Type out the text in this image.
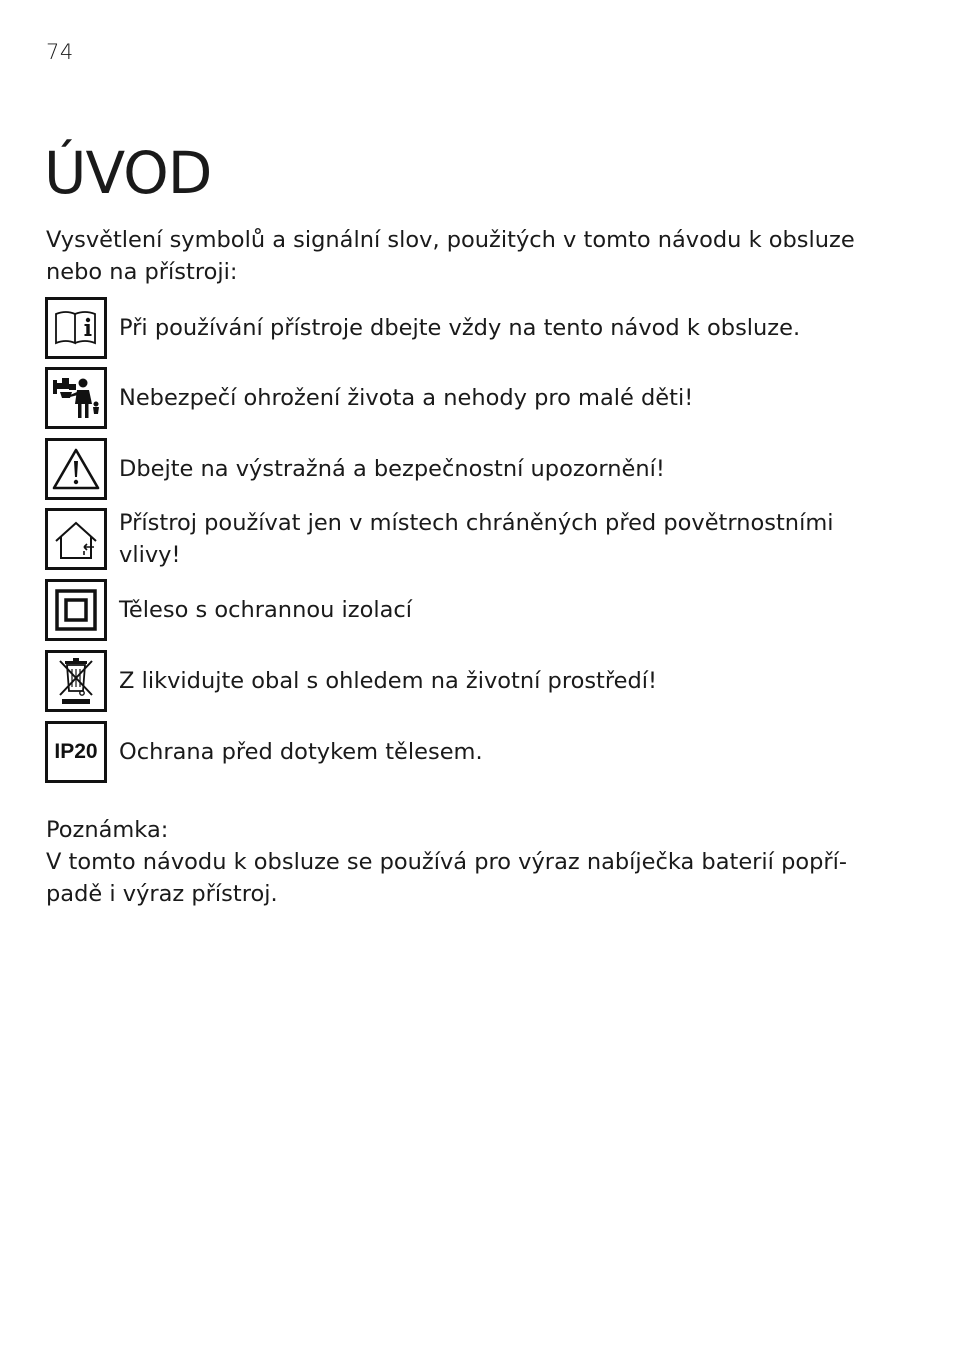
74
ÚVOD

Vysvětlení symbolů a signální slov, použitých v tomto návodu k obsluze nebo na přístroji:

Při používání přístroje dbejte vždy na tento návod k obsluze.
Nebezpečí ohrožení života a nehody pro malé děti!
Dbejte na výstražná a bezpečnostní upozornění!
Přístroj používat jen v místech chráněných před povětrnostními vlivy!
Těleso s ochrannou izolací
Z likvidujte obal s ohledem na životní prostředí!
IP20 Ochrana před dotykem tělesem.
Poznámka:
V tomto návodu k obsluze se používá pro výraz nabíječka baterií popří-
padě i výraz přístroj.
